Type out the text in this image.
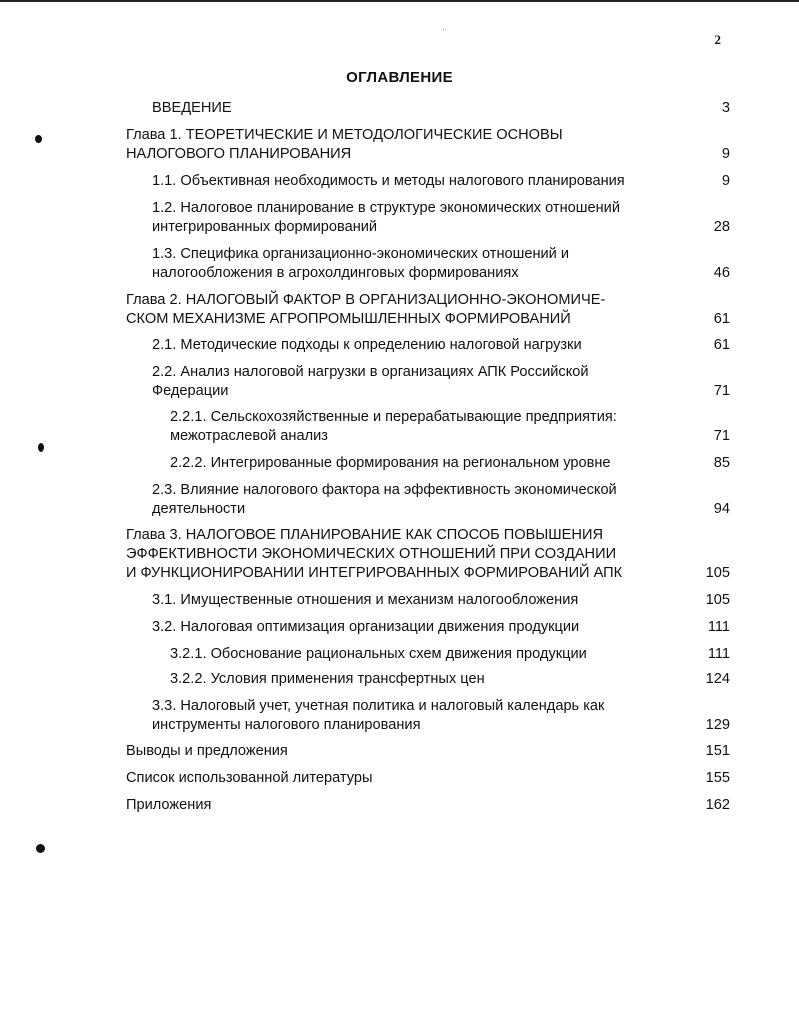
2
ОГЛАВЛЕНИЕ
ВВЕДЕНИЕ	3
Глава 1. ТЕОРЕТИЧЕСКИЕ И МЕТОДОЛОГИЧЕСКИЕ ОСНОВЫ
НАЛОГОВОГО ПЛАНИРОВАНИЯ	9
1.1. Объективная необходимость и методы налогового планирования	9
1.2. Налоговое планирование в структуре экономических отношений
интегрированных формирований	28
1.3. Специфика организационно-экономических отношений и
налогообложения в агрохолдинговых формированиях	46
Глава 2. НАЛОГОВЫЙ ФАКТОР В ОРГАНИЗАЦИОННО-ЭКОНОМИЧЕ-
СКОМ МЕХАНИЗМЕ АГРОПРОМЫШЛЕННЫХ ФОРМИРОВАНИЙ	61
2.1. Методические подходы к определению налоговой нагрузки	61
2.2. Анализ налоговой нагрузки в организациях АПК Российской
Федерации	71
2.2.1. Сельскохозяйственные и перерабатывающие предприятия:
межотраслевой анализ	71
2.2.2. Интегрированные формирования на региональном уровне	85
2.3. Влияние налогового фактора на эффективность экономической
деятельности	94
Глава 3. НАЛОГОВОЕ ПЛАНИРОВАНИЕ КАК СПОСОБ ПОВЫШЕНИЯ
ЭФФЕКТИВНОСТИ ЭКОНОМИЧЕСКИХ ОТНОШЕНИЙ ПРИ СОЗДАНИИ
И ФУНКЦИОНИРОВАНИИ ИНТЕГРИРОВАННЫХ ФОРМИРОВАНИЙ АПК	105
3.1. Имущественные отношения и механизм налогообложения	105
3.2. Налоговая оптимизация организации движения продукции	111
3.2.1. Обоснование рациональных схем движения продукции	111
3.2.2. Условия применения трансфертных цен	124
3.3. Налоговый учет, учетная политика и налоговый календарь как
инструменты налогового планирования	129
Выводы и предложения	151
Список использованной литературы	155
Приложения	162
